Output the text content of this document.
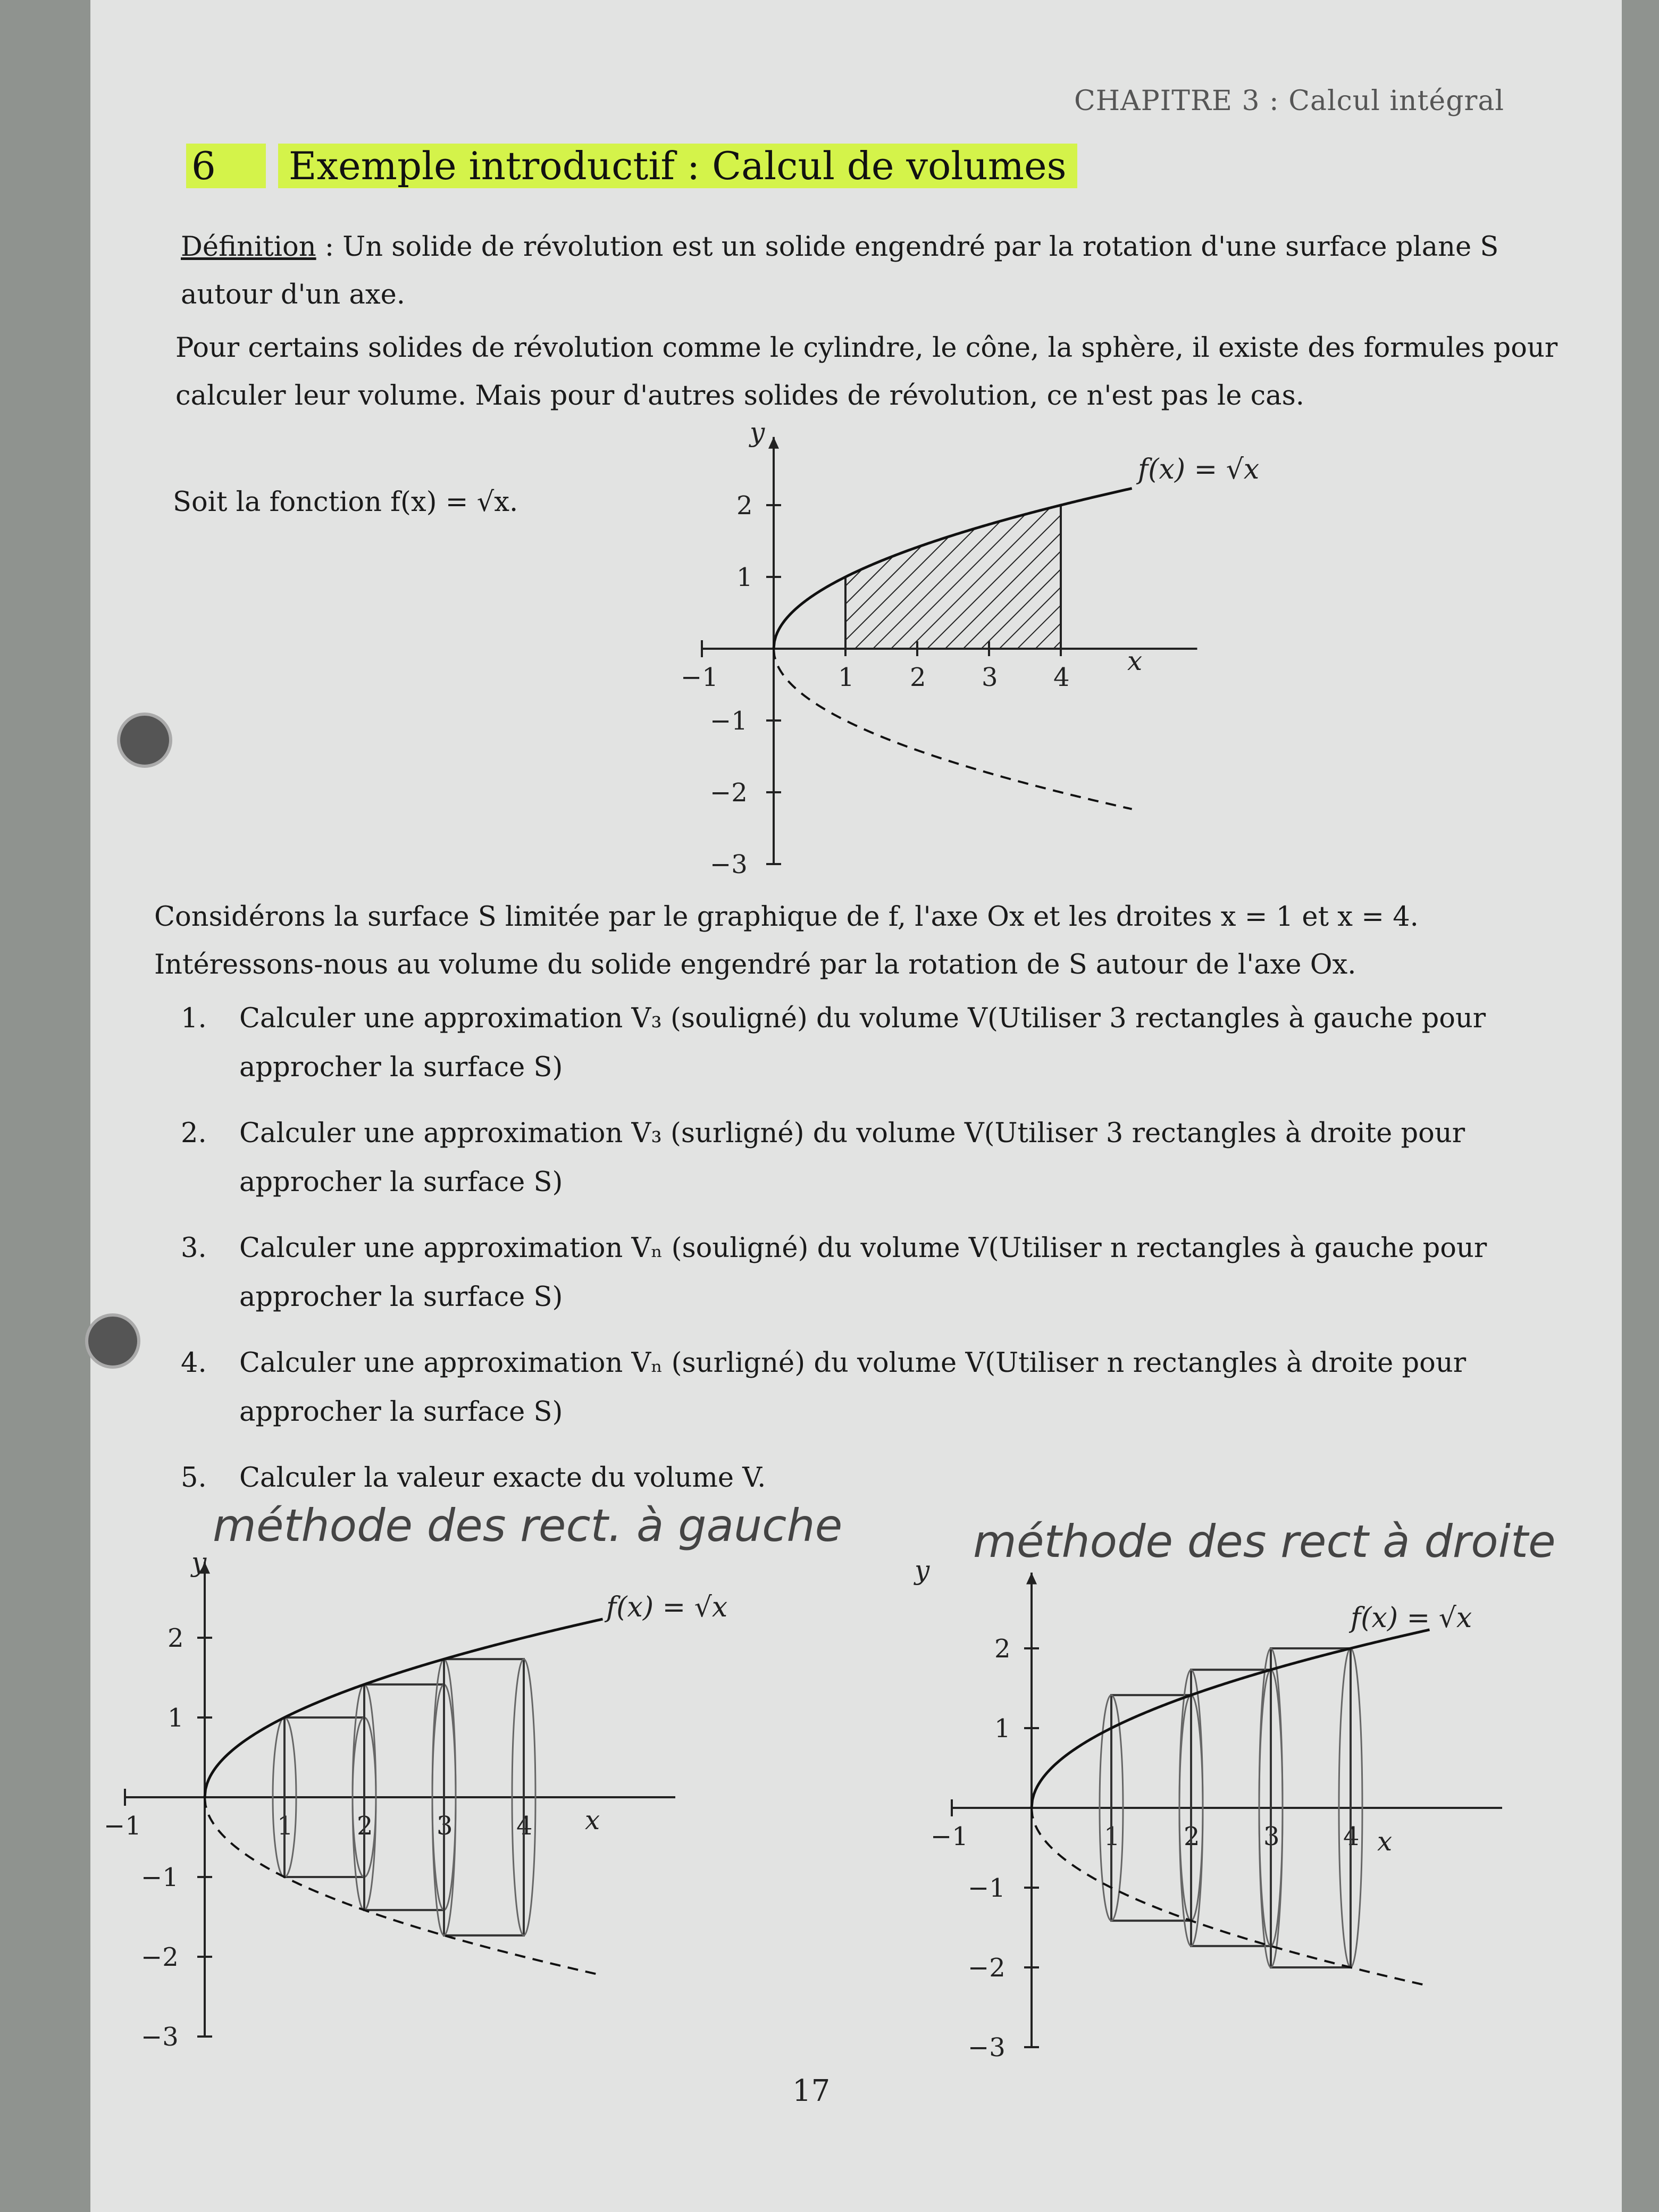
CHAPITRE 3 : Calcul intégral
6 Exemple introductif : Calcul de volumes
Définition : Un solide de révolution est un solide engendré par la rotation d'une surface plane S autour d'un axe.
Pour certains solides de révolution comme le cylindre, le cône, la sphère, il existe des formules pour calculer leur volume. Mais pour d'autres solides de révolution, ce n'est pas le cas.
Soit la fonction f(x) = √x.
1 2 3 4
−1
2
1
−1
−2
−3
f(x) = √x
x
y
Considérons la surface S limitée par le graphique de f, l'axe Ox et les droites x = 1 et x = 4. Intéressons-nous au volume du solide engendré par la rotation de S autour de l'axe Ox.
1. Calculer une approximation V₃ (souligné) du volume V(Utiliser 3 rectangles à gauche pour approcher la surface S)
2. Calculer une approximation V₃ (surligné) du volume V(Utiliser 3 rectangles à droite pour approcher la surface S)
3. Calculer une approximation Vₙ (souligné) du volume V(Utiliser n rectangles à gauche pour approcher la surface S)
4. Calculer une approximation Vₙ (surligné) du volume V(Utiliser n rectangles à droite pour approcher la surface S)
5. Calculer la valeur exacte du volume V.
méthode des rect. à gauche	méthode des rect à droite
1 2 3 4
−1
2
1
−1
−2
−3
f(x) = √x
x
y
1 2 3 4
−1
2
1
−1
−2
−3
f(x) = √x
x
y
17
